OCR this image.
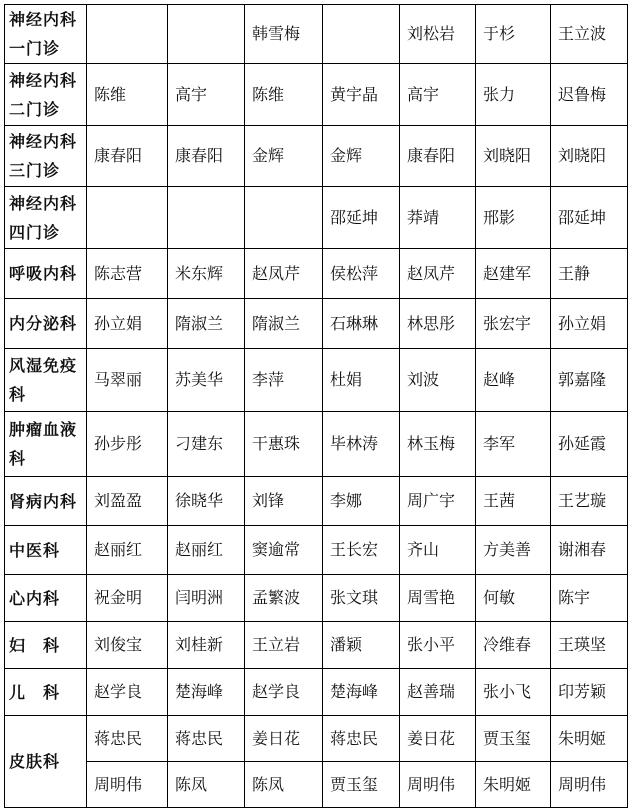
神经内科一门诊			韩雪梅		刘松岩	于杉	王立波
神经内科二门诊	陈维	高宇	陈维	黄宇晶	高宇	张力	迟鲁梅
神经内科三门诊	康春阳	康春阳	金辉	金辉	康春阳	刘晓阳	刘晓阳
神经内科四门诊				邵延坤	莽靖	邢影	邵延坤
呼吸内科	陈志营	米东辉	赵凤芹	侯松萍	赵凤芹	赵建军	王静
内分泌科	孙立娟	隋淑兰	隋淑兰	石琳琳	林思彤	张宏宇	孙立娟
风湿免疫科	马翠丽	苏美华	李萍	杜娟	刘波	赵峰	郭嘉隆
肿瘤血液科	孙步彤	刁建东	干惠珠	毕林涛	林玉梅	李军	孙延霞
肾病内科	刘盈盈	徐晓华	刘锋	李娜	周广宇	王茜	王艺璇
中医科	赵丽红	赵丽红	窦逾常	王长宏	齐山	方美善	谢湘春
心内科	祝金明	闫明洲	孟繁波	张文琪	周雪艳	何敏	陈宇
妇　科	刘俊宝	刘桂新	王立岩	潘颖	张小平	冷维春	王瑛坚
儿　科	赵学良	楚海峰	赵学良	楚海峰	赵善瑞	张小飞	印芳颖
皮肤科	蒋忠民	蒋忠民	姜日花	蒋忠民	姜日花	贾玉玺	朱明姬
	周明伟	陈凤	陈凤	贾玉玺	周明伟	朱明姬	周明伟
